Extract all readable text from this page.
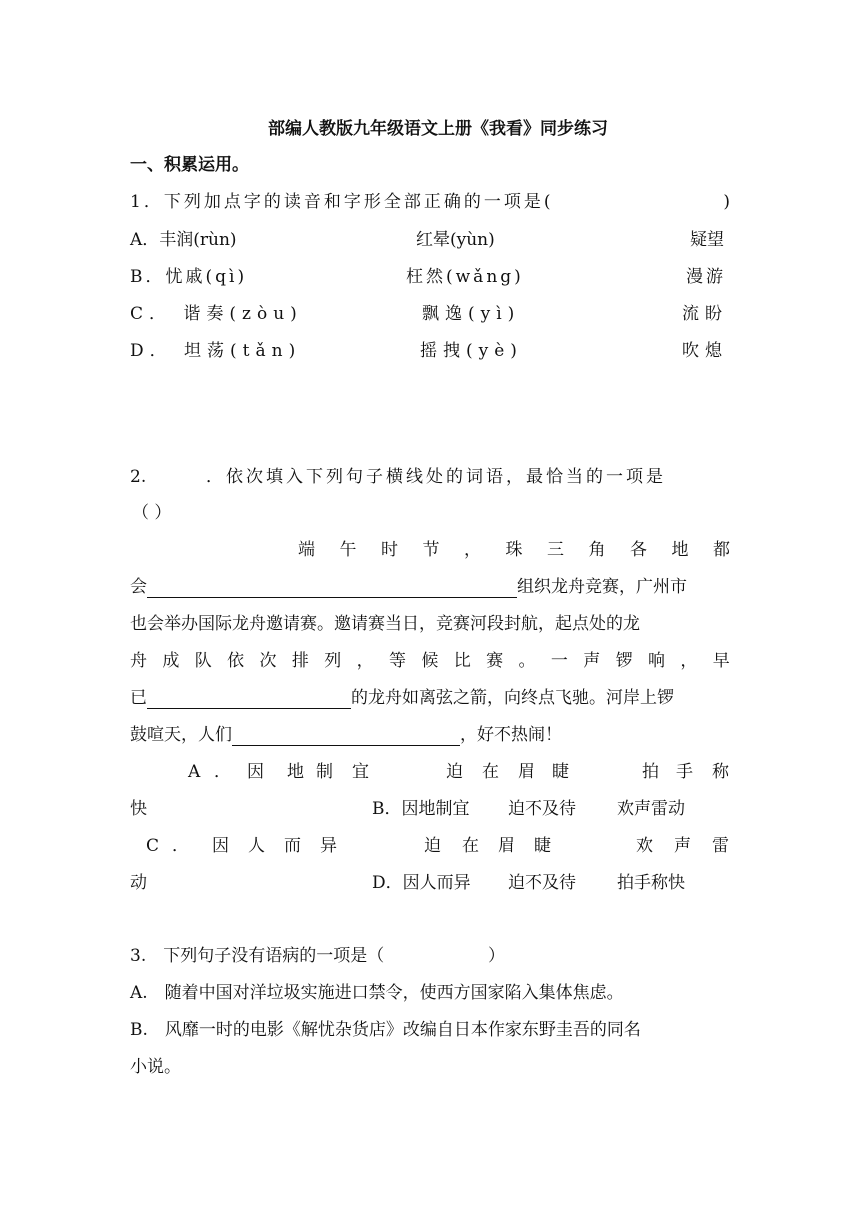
部编人教版九年级语文上册《我看》同步练习
一、积累运用。
1．下列加点字的读音和字形全部正确的一项是(	)
A．丰润(rùn)	红晕(yùn)	疑望
B．忧戚(qì)	枉然(wǎng)	漫游
C． 谐奏(zòu)	飘逸(yì)	流盼
D． 坦荡(tǎn)	摇拽(yè)	吹熄
2.	．依次填入下列句子横线处的词语，最恰当的一项是
（ ）
端 午 时 节 ， 珠 三 角 各 地 都
会	组织龙舟竞赛，广州市
也会举办国际龙舟邀请赛。邀请赛当日，竞赛河段封航，起点处的龙
舟 成 队 依 次 排 列 ， 等 候 比 赛 。 一 声 锣 响 ， 早
已	的龙舟如离弦之箭，向终点飞驰。河岸上锣
鼓喧天，人们	，好不热闹！
A ． 因 地 制 宜	迫 在 眉 睫	拍 手 称
快	B．因地制宜 迫不及待 欢声雷动
C ． 因 人 而 异	迫 在 眉 睫	欢 声 雷
动	D．因人而异 迫不及待 拍手称快
3.　下列句子没有语病的一项是（	）
A.　随着中国对洋垃圾实施进口禁令，使西方国家陷入集体焦虑。
B.　风靡一时的电影《解忧杂货店》改编自日本作家东野圭吾的同名
小说。
